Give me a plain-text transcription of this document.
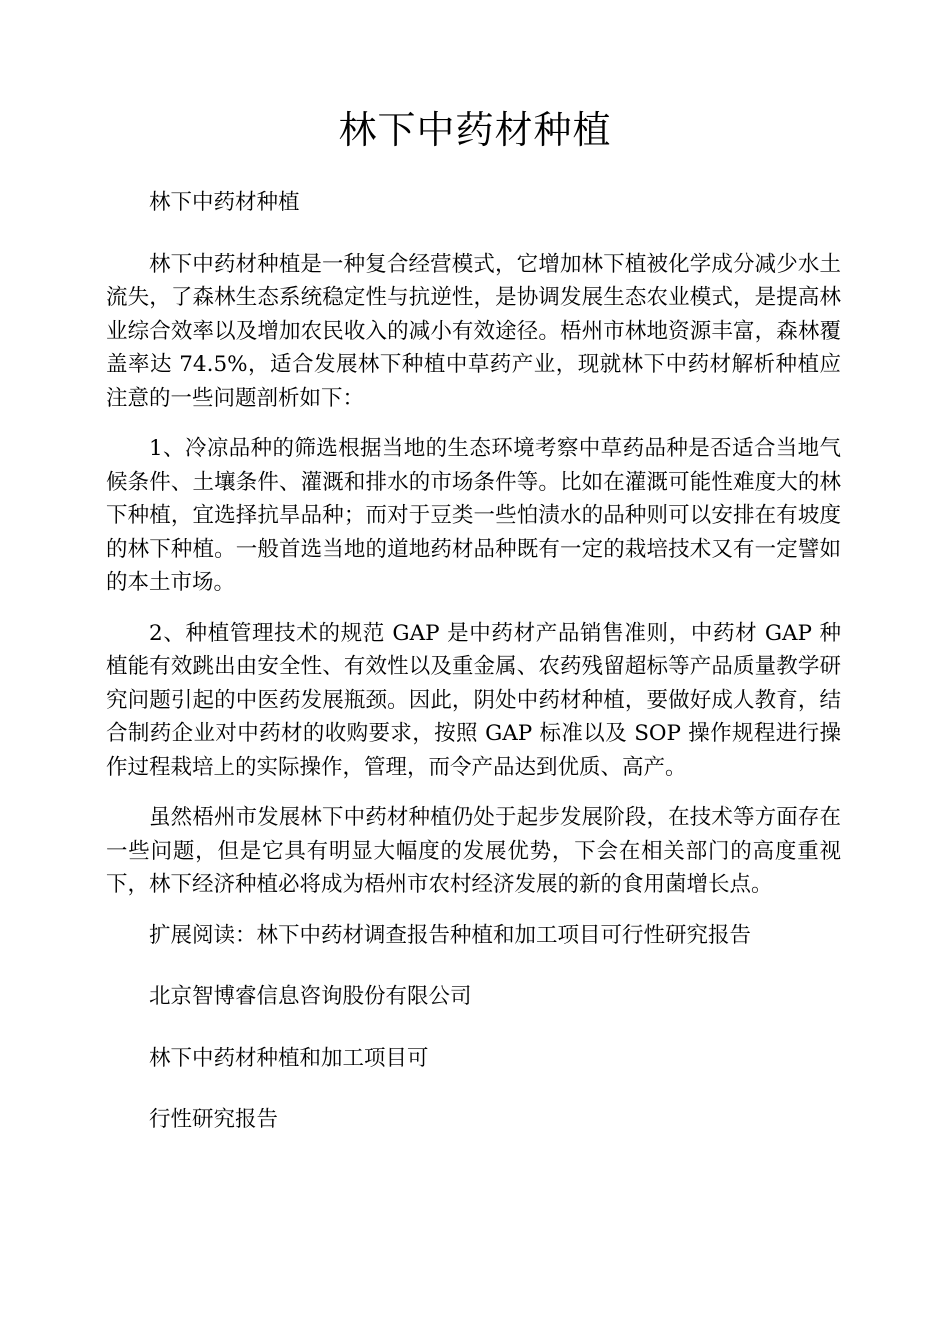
林下中药材种植

林下中药材种植

林下中药材种植是一种复合经营模式，它增加林下植被化学成分减少水土流失，了森林生态系统稳定性与抗逆性，是协调发展生态农业模式，是提高林业综合效率以及增加农民收入的减小有效途径。梧州市林地资源丰富，森林覆盖率达 74.5%，适合发展林下种植中草药产业，现就林下中药材解析种植应注意的一些问题剖析如下：

1、冷凉品种的筛选根据当地的生态环境考察中草药品种是否适合当地气候条件、土壤条件、灌溉和排水的市场条件等。比如在灌溉可能性难度大的林下种植，宜选择抗旱品种；而对于豆类一些怕渍水的品种则可以安排在有坡度的林下种植。一般首选当地的道地药材品种既有一定的栽培技术又有一定譬如的本土市场。

2、种植管理技术的规范 GAP 是中药材产品销售准则，中药材 GAP 种植能有效跳出由安全性、有效性以及重金属、农药残留超标等产品质量教学研究问题引起的中医药发展瓶颈。因此，阴处中药材种植，要做好成人教育，结合制药企业对中药材的收购要求，按照 GAP 标准以及 SOP 操作规程进行操作过程栽培上的实际操作，管理，而令产品达到优质、高产。

虽然梧州市发展林下中药材种植仍处于起步发展阶段，在技术等方面存在一些问题，但是它具有明显大幅度的发展优势，下会在相关部门的高度重视下，林下经济种植必将成为梧州市农村经济发展的新的食用菌增长点。

扩展阅读：林下中药材调查报告种植和加工项目可行性研究报告

北京智博睿信息咨询股份有限公司

林下中药材种植和加工项目可

行性研究报告
